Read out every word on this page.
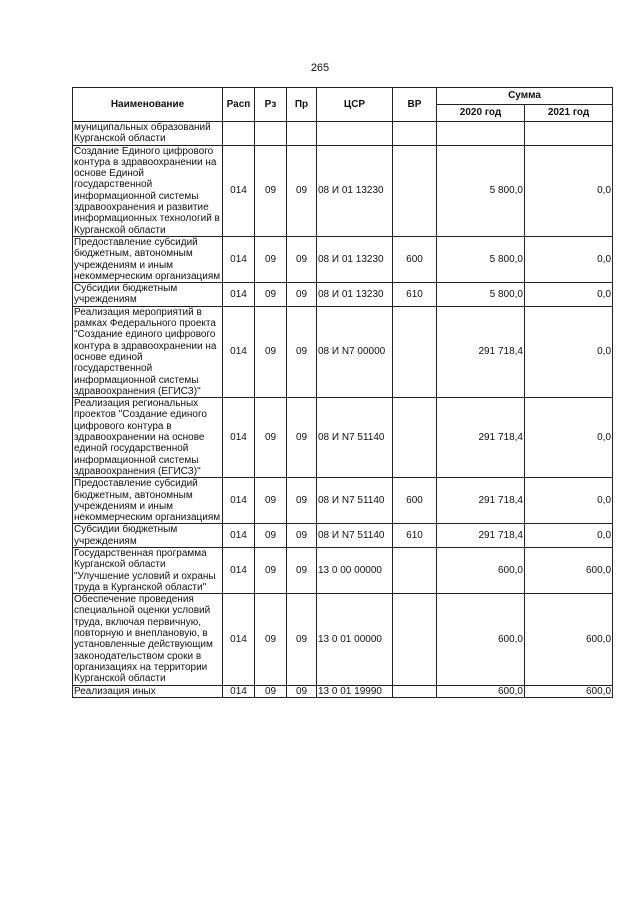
265
Наименование	Расп	Рз	Пр	ЦСР	ВР	Сумма	
						2020 год	2021 год
муниципальных образований Курганской области							
Создание Единого цифрового контура в здравоохранении на основе Единой государственной информационной системы здравоохранения и развитие информационных технологий в Курганской области	014	09	09	08 И 01 13230		5 800,0	0,0
Предоставление субсидий бюджетным, автономным учреждениям и иным некоммерческим организациям	014	09	09	08 И 01 13230	600	5 800,0	0,0
Субсидии бюджетным учреждениям	014	09	09	08 И 01 13230	610	5 800,0	0,0
Реализация мероприятий в рамках Федерального проекта "Создание единого цифрового контура в здравоохранении на основе единой государственной информационной системы здравоохранения (ЕГИСЗ)"	014	09	09	08 И N7 00000		291 718,4	0,0
Реализация региональных проектов "Создание единого цифрового контура в здравоохранении на основе единой государственной информационной системы здравоохранения (ЕГИСЗ)"	014	09	09	08 И N7 51140		291 718,4	0,0
Предоставление субсидий бюджетным, автономным учреждениям и иным некоммерческим организациям	014	09	09	08 И N7 51140	600	291 718,4	0,0
Субсидии бюджетным учреждениям	014	09	09	08 И N7 51140	610	291 718,4	0,0
Государственная программа Курганской области "Улучшение условий и охраны труда в Курганской области"	014	09	09	13 0 00 00000		600,0	600,0
Обеспечение проведения специальной оценки условий труда, включая первичную, повторную и внеплановую, в установленные действующим законодательством сроки в организациях на территории Курганской области	014	09	09	13 0 01 00000		600,0	600,0
Реализация иных	014	09	09	13 0 01 19990		600,0	600,0
